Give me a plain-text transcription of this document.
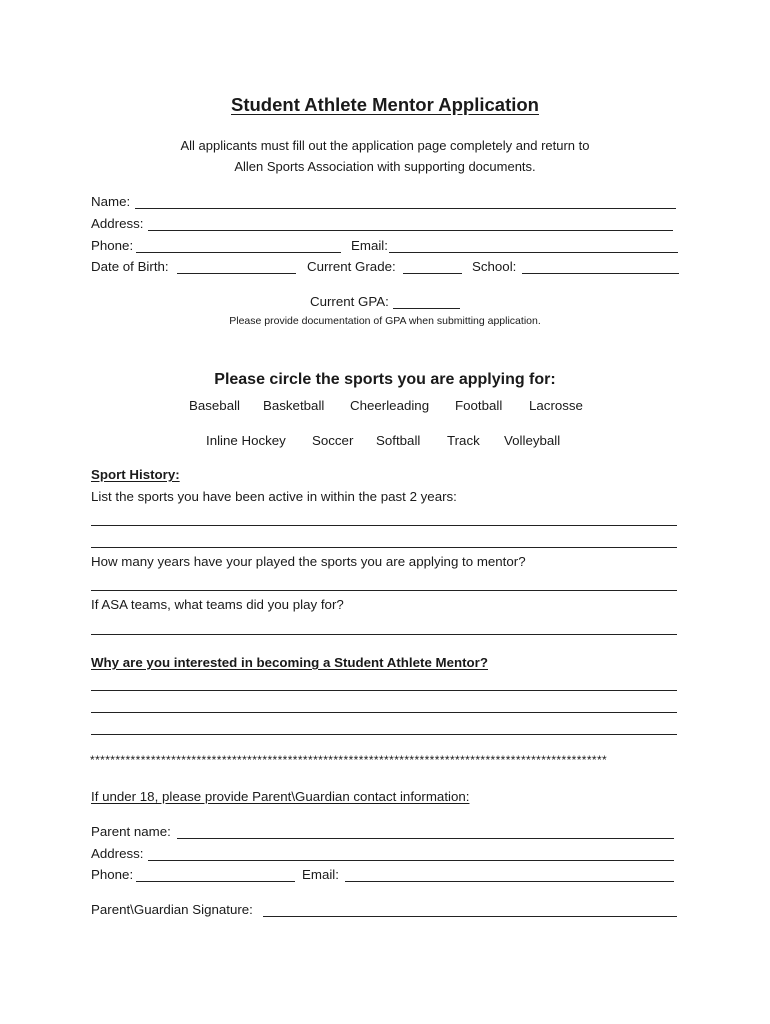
Student Athlete Mentor Application
All applicants must fill out the application page completely and return to
Allen Sports Association with supporting documents.
Name:
Address:
Phone:	Email:
Date of Birth:	Current Grade:	School:
Current GPA:
Please provide documentation of GPA when submitting application.
Please circle the sports you are applying for:
Baseball Basketball Cheerleading Football Lacrosse
Inline Hockey Soccer Softball Track Volleyball
Sport History:
List the sports you have been active in within the past 2 years:
How many years have your played the sports you are applying to mentor?
If ASA teams, what teams did you play for?
Why are you interested in becoming a Student Athlete Mentor?
******************************************************************************************************
If under 18, please provide Parent\Guardian contact information:
Parent name:
Address:
Phone:	Email:
Parent\Guardian Signature:
